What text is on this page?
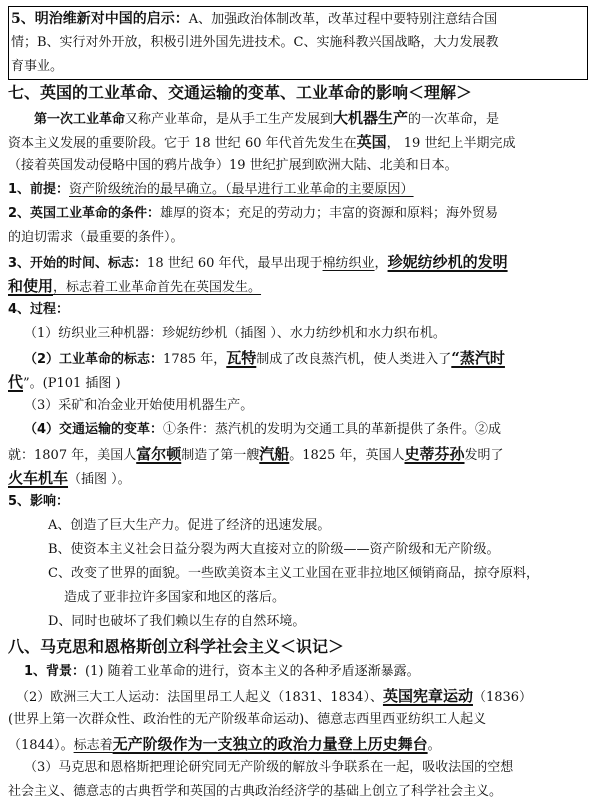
5、明治维新对中国的启示：A、加强政治体制改革，改革过程中要特别注意结合国
情；B、实行对外开放，积极引进外国先进技术。C、实施科教兴国战略，大力发展教
育事业。
七、英国的工业革命、交通运输的变革、工业革命的影响＜理解＞
第一次工业革命又称产业革命，是从手工生产发展到大机器生产的一次革命，是
资本主义发展的重要阶段。它于 18 世纪 60 年代首先发生在英国， 19 世纪上半期完成
（接着英国发动侵略中国的鸦片战争）19 世纪扩展到欧洲大陆、北美和日本。
1、前提：资产阶级统治的最早确立。（最早进行工业革命的主要原因）
2、英国工业革命的条件：雄厚的资本；充足的劳动力；丰富的资源和原料；海外贸易
的迫切需求（最重要的条件）。
3、开始的时间、标志：18 世纪 60 年代，最早出现于棉纺织业，珍妮纺纱机的发明
和使用，标志着工业革命首先在英国发生。
4、过程：
（1）纺织业三种机器：珍妮纺纱机（插图 ）、水力纺纱机和水力织布机。
（2）工业革命的标志：1785 年，瓦特制成了改良蒸汽机，使人类进入了“蒸汽时
代”。(P101 插图 )
（3）采矿和冶金业开始使用机器生产。
（4）交通运输的变革：①条件：蒸汽机的发明为交通工具的革新提供了条件。②成
就：1807 年，美国人富尔顿制造了第一艘汽船。1825 年，英国人史蒂芬孙发明了
火车机车（插图 ）。
5、影响：
A、创造了巨大生产力。促进了经济的迅速发展。
B、使资本主义社会日益分裂为两大直接对立的阶级——资产阶级和无产阶级。
C、改变了世界的面貌。一些欧美资本主义工业国在亚非拉地区倾销商品，掠夺原料，
造成了亚非拉许多国家和地区的落后。
D、同时也破坏了我们赖以生存的自然环境。
八、马克思和恩格斯创立科学社会主义＜识记＞
1、背景：(1) 随着工业革命的进行，资本主义的各种矛盾逐渐暴露。
（2）欧洲三大工人运动：法国里昂工人起义（1831、1834）、英国宪章运动（1836）
(世界上第一次群众性、政治性的无产阶级革命运动)、德意志西里西亚纺织工人起义
（1844）。标志着无产阶级作为一支独立的政治力量登上历史舞台。
（3）马克思和恩格斯把理论研究同无产阶级的解放斗争联系在一起，吸收法国的空想
社会主义、德意志的古典哲学和英国的古典政治经济学的基础上创立了科学社会主义。
